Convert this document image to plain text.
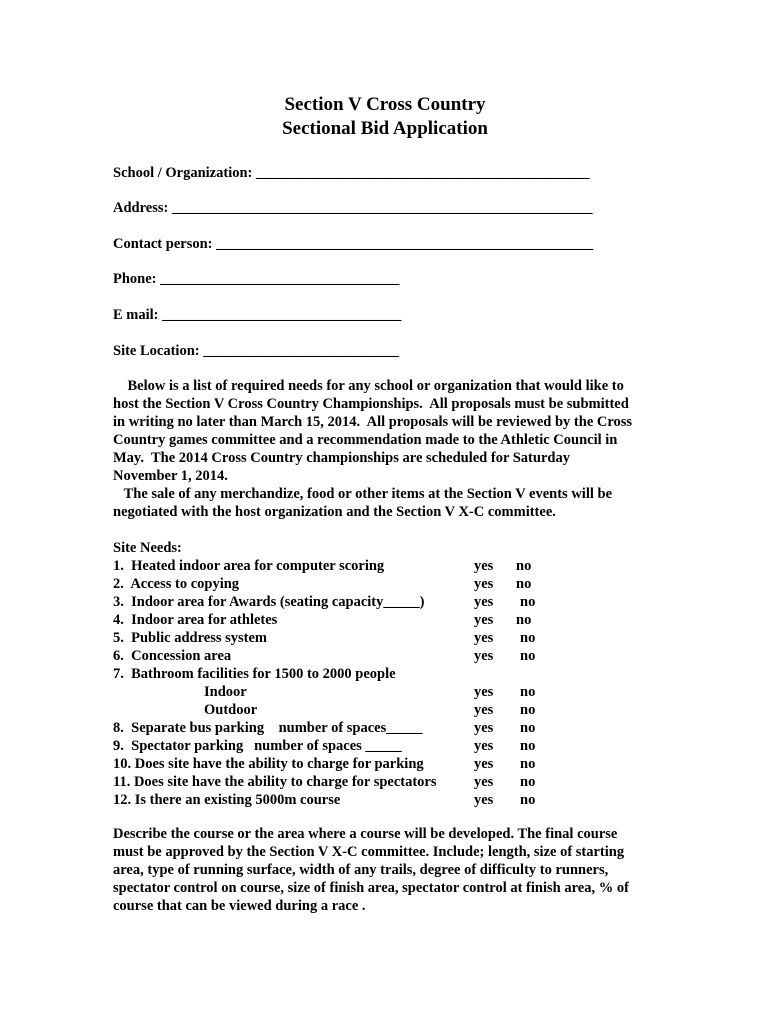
Section V Cross Country
Sectional Bid Application
School / Organization: ______________________________________________
Address: __________________________________________________________
Contact person: ____________________________________________________
Phone: _________________________________
E mail: _________________________________
Site Location: ___________________________
Below is a list of required needs for any school or organization that would like to
host the Section V Cross Country Championships.  All proposals must be submitted
in writing no later than March 15, 2014.  All proposals will be reviewed by the Cross
Country games committee and a recommendation made to the Athletic Council in
May.  The 2014 Cross Country championships are scheduled for Saturday
November 1, 2014.
The sale of any merchandize, food or other items at the Section V events will be
negotiated with the host organization and the Section V X-C committee.
Site Needs:
1.  Heated indoor area for computer scoring	yes no
2.  Access to copying	yes no
3.  Indoor area for Awards (seating capacity_____)	yes no
4.  Indoor area for athletes	yes no
5.  Public address system	yes no
6.  Concession area	yes no
7.  Bathroom facilities for 1500 to 2000 people
Indoor	yes no
Outdoor	yes no
8.  Separate bus parking    number of spaces_____	yes no
9.  Spectator parking   number of spaces _____	yes no
10. Does site have the ability to charge for parking	yes no
11. Does site have the ability to charge for spectators	yes no
12. Is there an existing 5000m course	yes no
Describe the course or the area where a course will be developed. The final course
must be approved by the Section V X-C committee. Include; length, size of starting
area, type of running surface, width of any trails, degree of difficulty to runners,
spectator control on course, size of finish area, spectator control at finish area, % of
course that can be viewed during a race .
